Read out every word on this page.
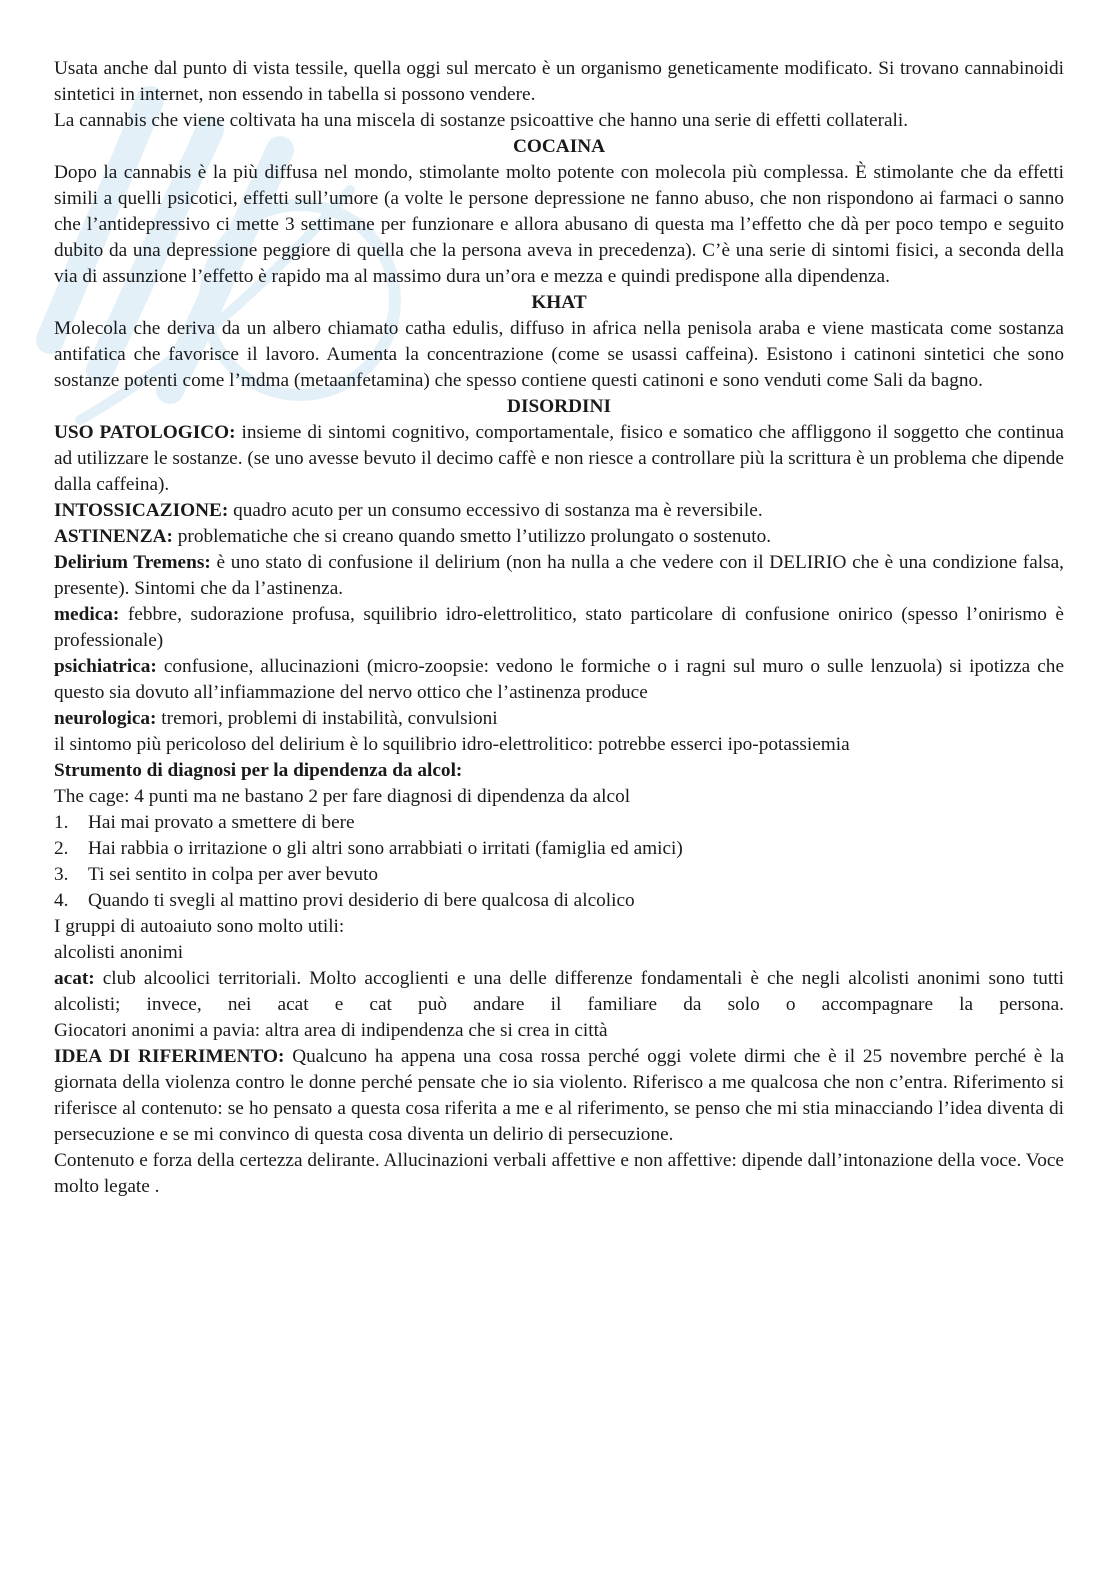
Usata anche dal punto di vista tessile, quella oggi sul mercato è un organismo geneticamente modificato. Si trovano cannabinoidi sintetici in internet, non essendo in tabella si possono vendere.

La cannabis che viene coltivata ha una miscela di sostanze psicoattive che hanno una serie di effetti collaterali.

COCAINA

Dopo la cannabis è la più diffusa nel mondo, stimolante molto potente con molecola più complessa. È stimolante che da effetti simili a quelli psicotici, effetti sull’umore (a volte le persone depressione ne fanno abuso, che non rispondono ai farmaci o sanno che l’antidepressivo ci mette 3 settimane per funzionare e allora abusano di questa ma l’effetto che dà per poco tempo e seguito dubito da una depressione peggiore di quella che la persona aveva in precedenza). C’è una serie di sintomi fisici, a seconda della via di assunzione l’effetto è rapido ma al massimo dura un’ora e mezza e quindi predispone alla dipendenza.

KHAT

Molecola che deriva da un albero chiamato catha edulis, diffuso in africa nella penisola araba e viene masticata come sostanza antifatica che favorisce il lavoro. Aumenta la concentrazione (come se usassi caffeina). Esistono i catinoni sintetici che sono sostanze potenti come l’mdma (metaanfetamina) che spesso contiene questi catinoni e sono venduti come Sali da bagno.

DISORDINI

USO PATOLOGICO: insieme di sintomi cognitivo, comportamentale, fisico e somatico che affliggono il soggetto che continua ad utilizzare le sostanze. (se uno avesse bevuto il decimo caffè e non riesce a controllare più la scrittura è un problema che dipende dalla caffeina).

INTOSSICAZIONE: quadro acuto per un consumo eccessivo di sostanza ma è reversibile.

ASTINENZA: problematiche che si creano quando smetto l’utilizzo prolungato o sostenuto.

Delirium Tremens: è uno stato di confusione il delirium (non ha nulla a che vedere con il DELIRIO che è una condizione falsa, presente). Sintomi che da l’astinenza.

medica: febbre, sudorazione profusa, squilibrio idro-elettrolitico, stato particolare di confusione onirico (spesso l’onirismo è professionale)

psichiatrica: confusione, allucinazioni (micro-zoopsie: vedono le formiche o i ragni sul muro o sulle lenzuola) si ipotizza che questo sia dovuto all’infiammazione del nervo ottico che l’astinenza produce

neurologica: tremori, problemi di instabilità, convulsioni

il sintomo più pericoloso del delirium è lo squilibrio idro-elettrolitico: potrebbe esserci ipo-potassiemia

Strumento di diagnosi per la dipendenza da alcol:

The cage: 4 punti ma ne bastano 2 per fare diagnosi di dipendenza da alcol

1. Hai mai provato a smettere di bere

2. Hai rabbia o irritazione o gli altri sono arrabbiati o irritati (famiglia ed amici)

3. Ti sei sentito in colpa per aver bevuto

4. Quando ti svegli al mattino provi desiderio di bere qualcosa di alcolico

I gruppi di autoaiuto sono molto utili:

alcolisti anonimi

acat: club alcoolici territoriali. Molto accoglienti e una delle differenze fondamentali è che negli alcolisti anonimi sono tutti alcolisti; invece, nei acat e cat può andare il familiare da solo o accompagnare la persona.

Giocatori anonimi a pavia: altra area di indipendenza che si crea in città

IDEA DI RIFERIMENTO: Qualcuno ha appena una cosa rossa perché oggi volete dirmi che è il 25 novembre perché è la giornata della violenza contro le donne perché pensate che io sia violento. Riferisco a me qualcosa che non c’entra. Riferimento si riferisce al contenuto: se ho pensato a questa cosa riferita a me e al riferimento, se penso che mi stia minacciando l’idea diventa di persecuzione e se mi convinco di questa cosa diventa un delirio di persecuzione.

Contenuto e forza della certezza delirante. Allucinazioni verbali affettive e non affettive: dipende dall’intonazione della voce. Voce molto legate .
